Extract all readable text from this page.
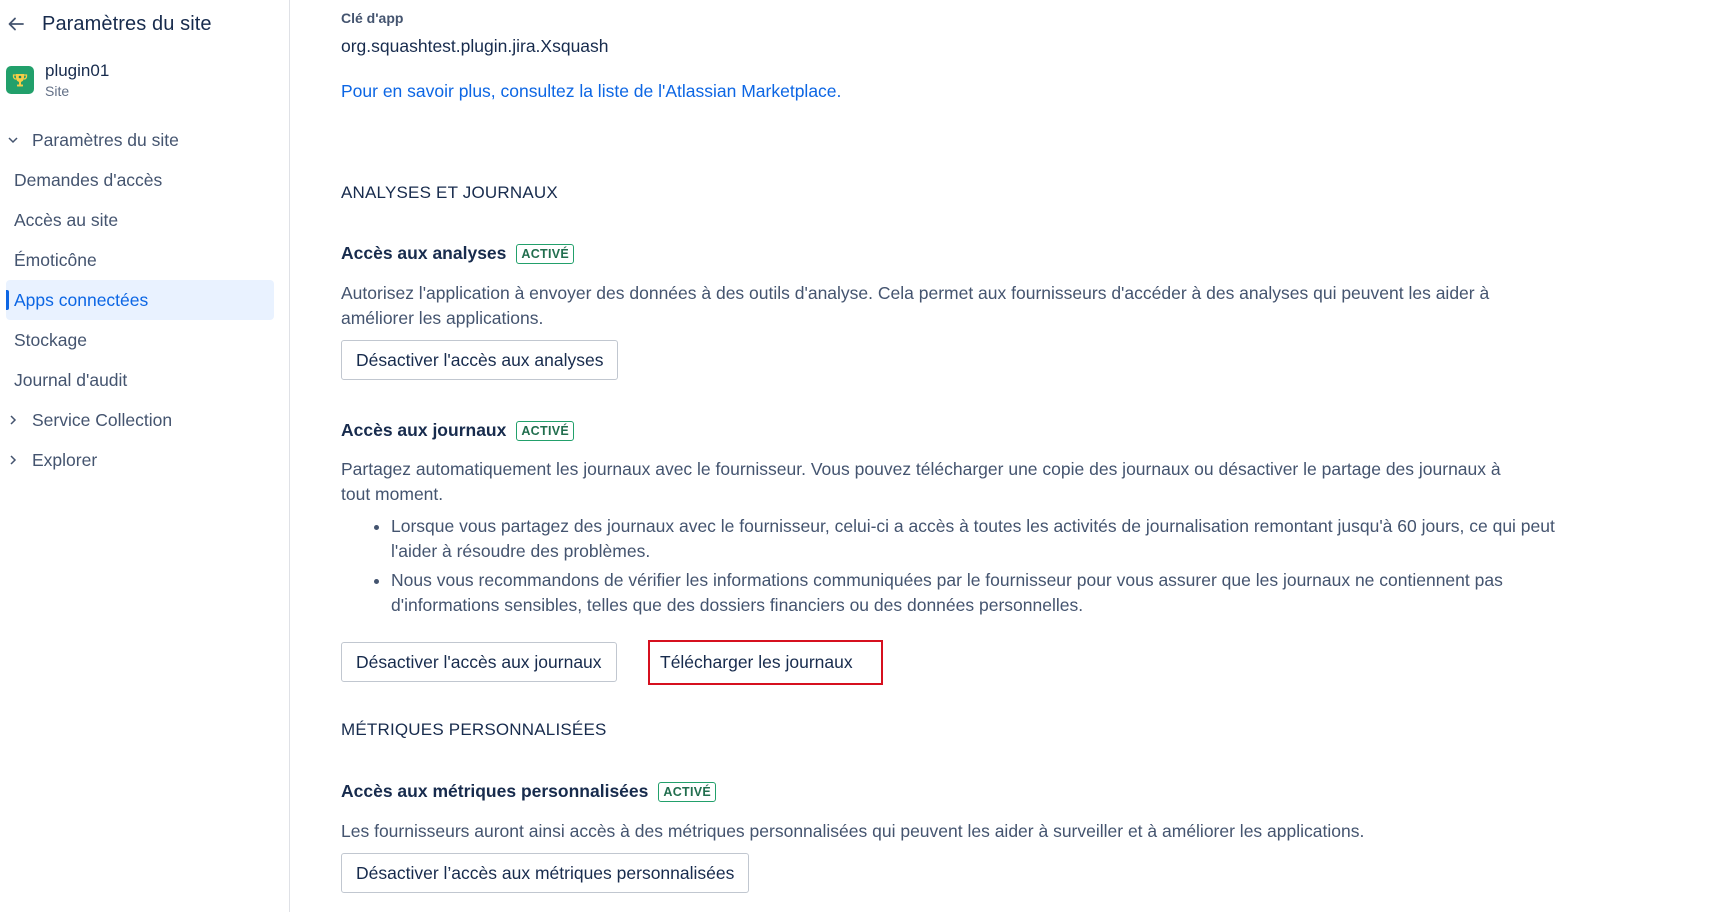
Paramètres du site
plugin01
Site
Paramètres du site
Demandes d'accès
Accès au site
Émoticône
Apps connectées
Stockage
Journal d'audit
Service Collection
Explorer
Clé d'app
org.squashtest.plugin.jira.Xsquash
Pour en savoir plus, consultez la liste de l'Atlassian Marketplace.
ANALYSES ET JOURNAUX
Accès aux analyses	ACTIVÉ

Autorisez l'application à envoyer des données à des outils d'analyse. Cela permet aux fournisseurs d'accéder à des analyses qui peuvent les aider à améliorer les applications.

Désactiver l'accès aux analyses
Accès aux journaux	ACTIVÉ

Partagez automatiquement les journaux avec le fournisseur. Vous pouvez télécharger une copie des journaux ou désactiver le partage des journaux à tout moment.

• Lorsque vous partagez des journaux avec le fournisseur, celui-ci a accès à toutes les activités de journalisation remontant jusqu'à 60 jours, ce qui peut l'aider à résoudre des problèmes.
• Nous vous recommandons de vérifier les informations communiquées par le fournisseur pour vous assurer que les journaux ne contiennent pas d'informations sensibles, telles que des dossiers financiers ou des données personnelles.
Désactiver l'accès aux journaux	Télécharger les journaux
MÉTRIQUES PERSONNALISÉES
Accès aux métriques personnalisées	ACTIVÉ

Les fournisseurs auront ainsi accès à des métriques personnalisées qui peuvent les aider à surveiller et à améliorer les applications.

Désactiver l’accès aux métriques personnalisées
